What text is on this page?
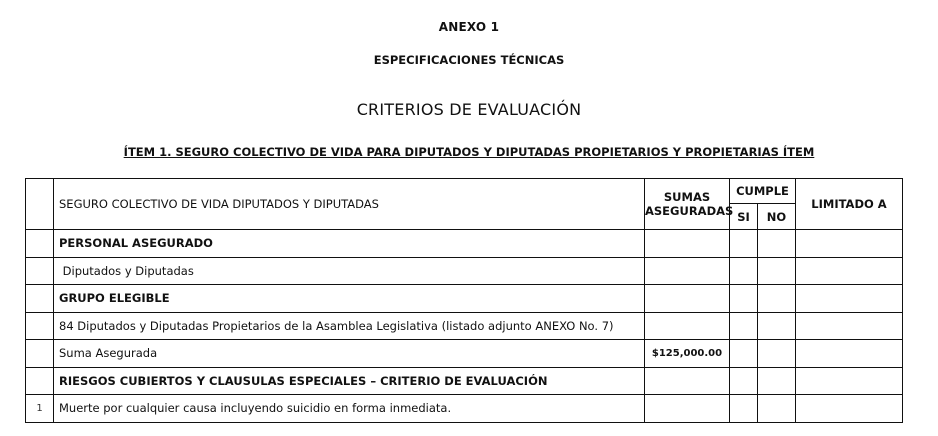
ANEXO 1
ESPECIFICACIONES TÉCNICAS
CRITERIOS DE EVALUACIÓN
ÍTEM 1. SEGURO COLECTIVO DE VIDA PARA DIPUTADOS Y DIPUTADAS PROPIETARIOS Y PROPIETARIAS ÍTEM
	SEGURO COLECTIVO DE VIDA DIPUTADOS Y DIPUTADAS	SUMAS ASEGURADAS	CUMPLE		LIMITADO A
			SI	NO	
	PERSONAL ASEGURADO				
	Diputados y Diputadas				
	GRUPO ELEGIBLE				
	84 Diputados y Diputadas Propietarios de la Asamblea Legislativa (listado adjunto ANEXO No. 7)				
	Suma Asegurada	$125,000.00			
	RIESGOS CUBIERTOS Y CLAUSULAS ESPECIALES – CRITERIO DE EVALUACIÓN				
1	Muerte por cualquier causa incluyendo suicidio en forma inmediata.				
